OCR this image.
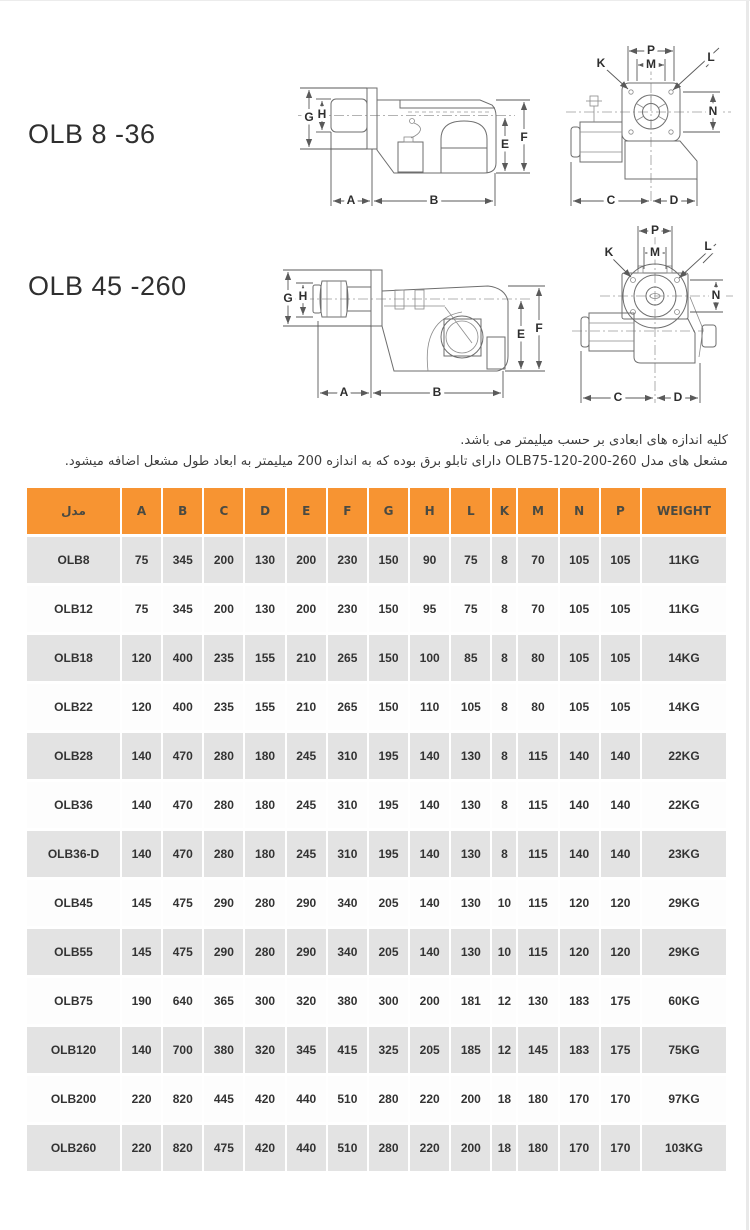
OLB 8 -36
OLB 45 -260
G H
A	B
E F
P
M
K	L
N
C	D
G H
A	B
E F
P
M
K	L
N
C	D
کلیه اندازه های ابعادی بر حسب میلیمتر می باشد.
مشعل های مدل OLB75-120-200-260 دارای تابلو برق بوده که به اندازه 200 میلیمتر به ابعاد طول مشعل اضافه میشود.
مدل	A	B	C	D	E	F	G	H	L	K	M	N	P	WEIGHT
OLB8	75	345	200	130	200	230	150	90	75	8	70	105	105	11KG
OLB12	75	345	200	130	200	230	150	95	75	8	70	105	105	11KG
OLB18	120	400	235	155	210	265	150	100	85	8	80	105	105	14KG
OLB22	120	400	235	155	210	265	150	110	105	8	80	105	105	14KG
OLB28	140	470	280	180	245	310	195	140	130	8	115	140	140	22KG
OLB36	140	470	280	180	245	310	195	140	130	8	115	140	140	22KG
OLB36-D	140	470	280	180	245	310	195	140	130	8	115	140	140	23KG
OLB45	145	475	290	280	290	340	205	140	130	10	115	120	120	29KG
OLB55	145	475	290	280	290	340	205	140	130	10	115	120	120	29KG
OLB75	190	640	365	300	320	380	300	200	181	12	130	183	175	60KG
OLB120	140	700	380	320	345	415	325	205	185	12	145	183	175	75KG
OLB200	220	820	445	420	440	510	280	220	200	18	180	170	170	97KG
OLB260	220	820	475	420	440	510	280	220	200	18	180	170	170	103KG
